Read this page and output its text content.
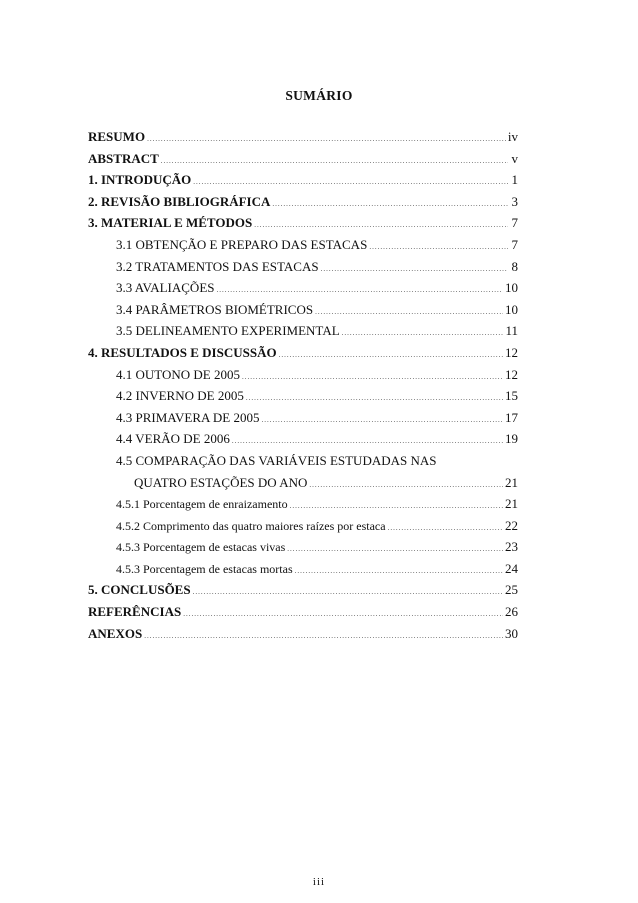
SUMÁRIO
RESUMO .....	iv
ABSTRACT .....	v
1. INTRODUÇÃO .....	1
2. REVISÃO BIBLIOGRÁFICA .....	3
3. MATERIAL E MÉTODOS .....	7
3.1 OBTENÇÃO E PREPARO DAS ESTACAS .....	7
3.2 TRATAMENTOS DAS ESTACAS .....	8
3.3 AVALIAÇÕES .....	10
3.4 PARÂMETROS BIOMÉTRICOS .....	10
3.5 DELINEAMENTO EXPERIMENTAL .....	11
4. RESULTADOS E DISCUSSÃO .....	12
4.1 OUTONO DE 2005 .....	12
4.2 INVERNO DE 2005 .....	15
4.3 PRIMAVERA DE 2005 .....	17
4.4 VERÃO DE 2006 .....	19
4.5 COMPARAÇÃO DAS VARIÁVEIS ESTUDADAS NAS
QUATRO ESTAÇÕES DO ANO .....	21
4.5.1 Porcentagem de enraizamento .....	21
4.5.2 Comprimento das quatro maiores raízes por estaca .....	22
4.5.3 Porcentagem de estacas vivas .....	23
4.5.3 Porcentagem de estacas mortas .....	24
5. CONCLUSÕES .....	25
REFERÊNCIAS .....	26
ANEXOS .....	30
iii
